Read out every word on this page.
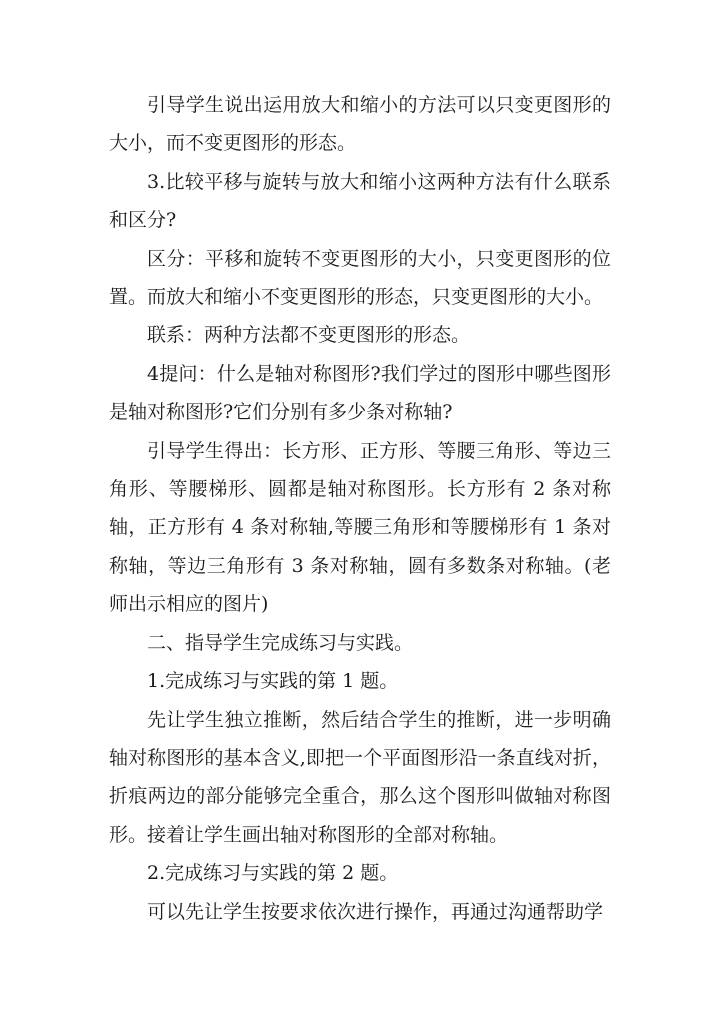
引导学生说出运用放大和缩小的方法可以只变更图形的大小，而不变更图形的形态。

3.比较平移与旋转与放大和缩小这两种方法有什么联系和区分?

区分：平移和旋转不变更图形的大小，只变更图形的位置。而放大和缩小不变更图形的形态，只变更图形的大小。

联系：两种方法都不变更图形的形态。

4提问：什么是轴对称图形?我们学过的图形中哪些图形是轴对称图形?它们分别有多少条对称轴?

引导学生得出：长方形、正方形、等腰三角形、等边三角形、等腰梯形、圆都是轴对称图形。长方形有 2 条对称轴，正方形有 4 条对称轴,等腰三角形和等腰梯形有 1 条对称轴，等边三角形有 3 条对称轴，圆有多数条对称轴。(老师出示相应的图片)

二、指导学生完成练习与实践。

1.完成练习与实践的第 1 题。

先让学生独立推断，然后结合学生的推断，进一步明确轴对称图形的基本含义,即把一个平面图形沿一条直线对折，折痕两边的部分能够完全重合，那么这个图形叫做轴对称图形。接着让学生画出轴对称图形的全部对称轴。

2.完成练习与实践的第 2 题。

可以先让学生按要求依次进行操作，再通过沟通帮助学
